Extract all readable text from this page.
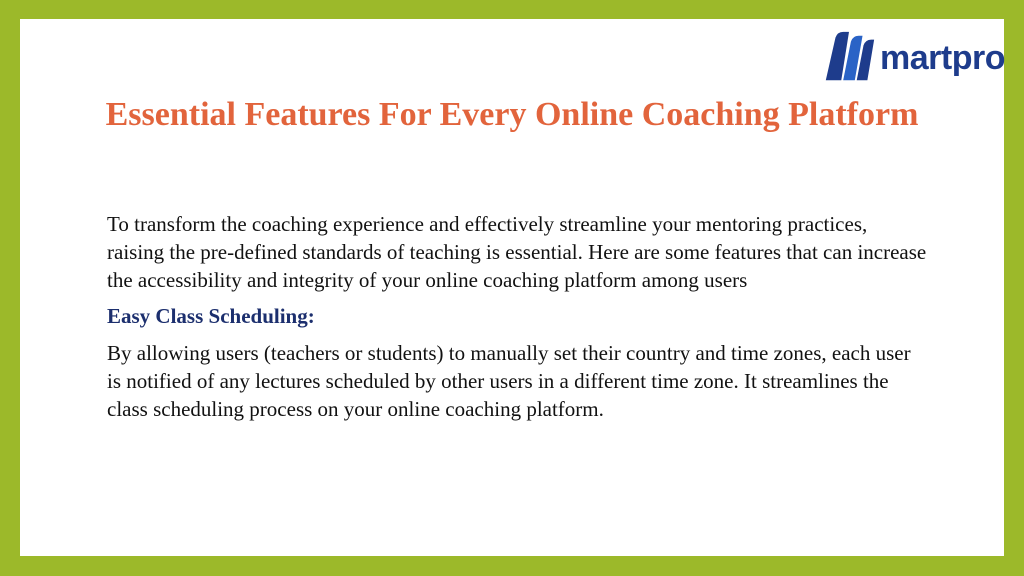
martpro
Essential Features For Every Online Coaching Platform

To transform the coaching experience and effectively streamline your mentoring practices, raising the pre-defined standards of teaching is essential. Here are some features that can increase the accessibility and integrity of your online coaching platform among users

Easy Class Scheduling:

By allowing users (teachers or students) to manually set their country and time zones, each user is notified of any lectures scheduled by other users in a different time zone. It streamlines the class scheduling process on your online coaching platform.
